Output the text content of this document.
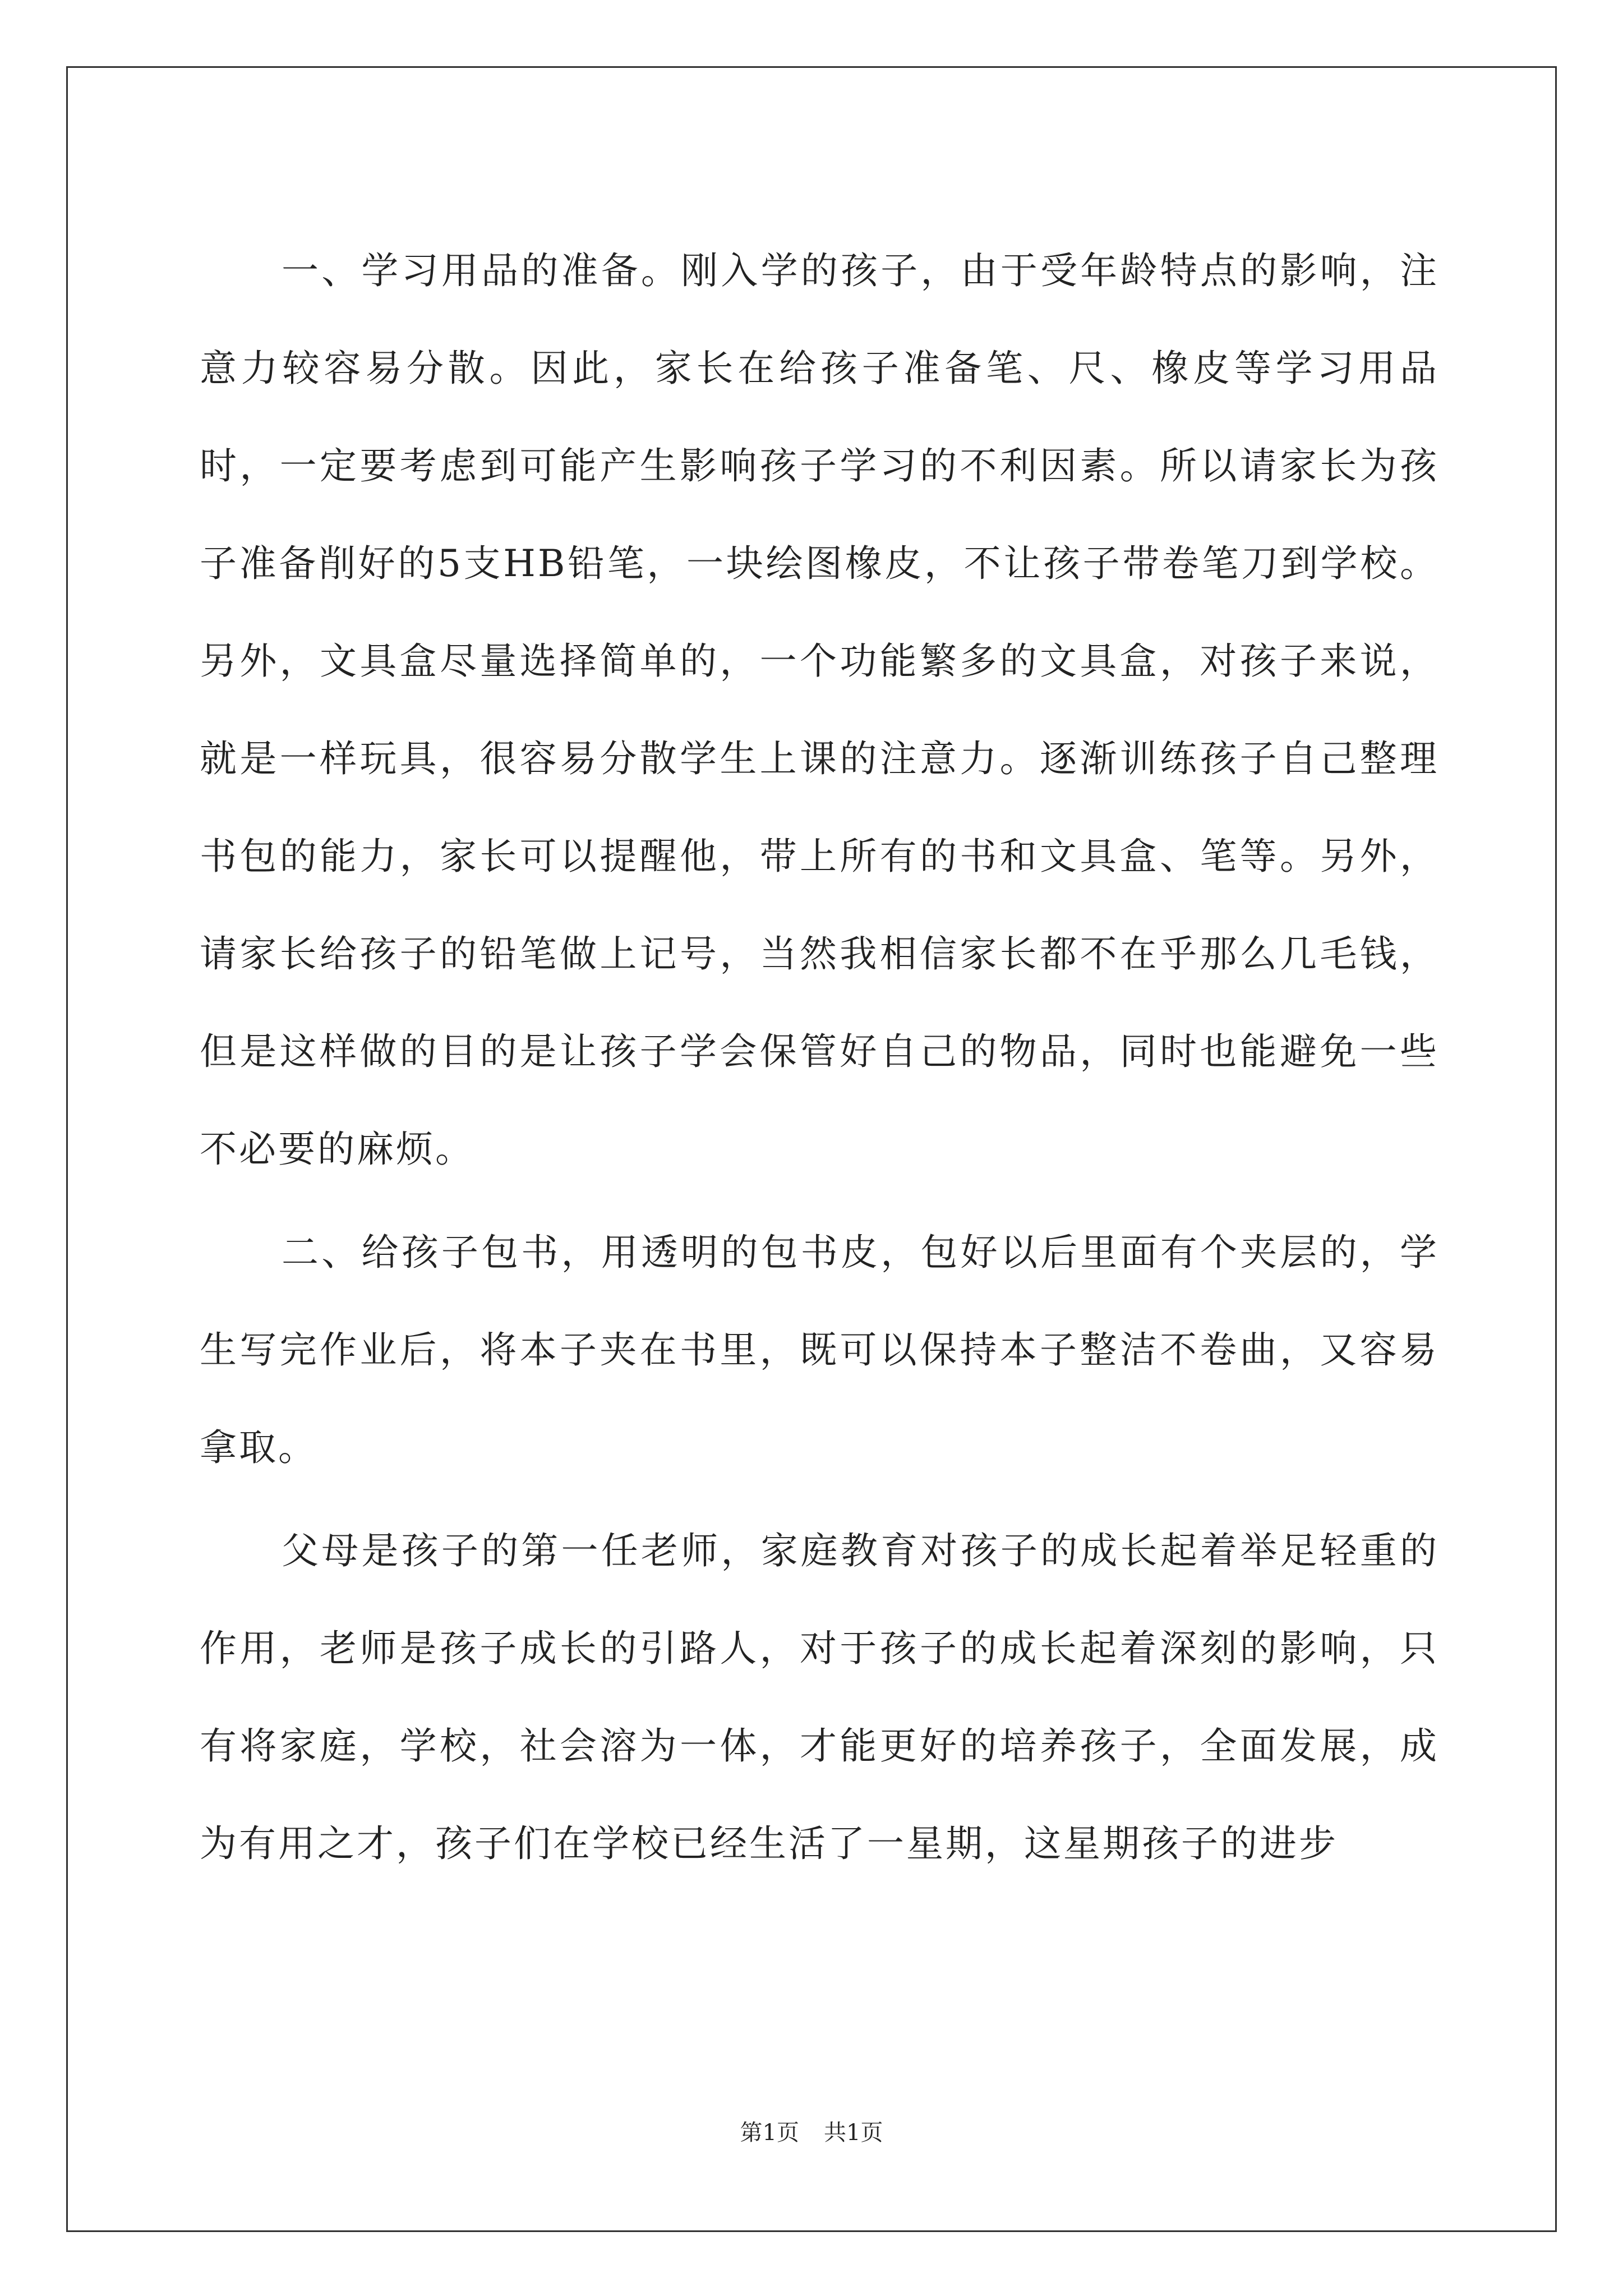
一、学习用品的准备。刚入学的孩子，由于受年龄特点的影响，注意力较容易分散。因此，家长在给孩子准备笔、尺、橡皮等学习用品时，一定要考虑到可能产生影响孩子学习的不利因素。所以请家长为孩子准备削好的5支HB铅笔，一块绘图橡皮，不让孩子带卷笔刀到学校。另外，文具盒尽量选择简单的，一个功能繁多的文具盒，对孩子来说，就是一样玩具，很容易分散学生上课的注意力。逐渐训练孩子自己整理书包的能力，家长可以提醒他，带上所有的书和文具盒、笔等。另外，请家长给孩子的铅笔做上记号，当然我相信家长都不在乎那么几毛钱，但是这样做的目的是让孩子学会保管好自己的物品，同时也能避免一些不必要的麻烦。

二、给孩子包书，用透明的包书皮，包好以后里面有个夹层的，学生写完作业后，将本子夹在书里，既可以保持本子整洁不卷曲，又容易拿取。

父母是孩子的第一任老师，家庭教育对孩子的成长起着举足轻重的作用，老师是孩子成长的引路人，对于孩子的成长起着深刻的影响，只有将家庭，学校，社会溶为一体，才能更好的培养孩子，全面发展，成为有用之才，孩子们在学校已经生活了一星期，这星期孩子的进步

第1页 共1页
